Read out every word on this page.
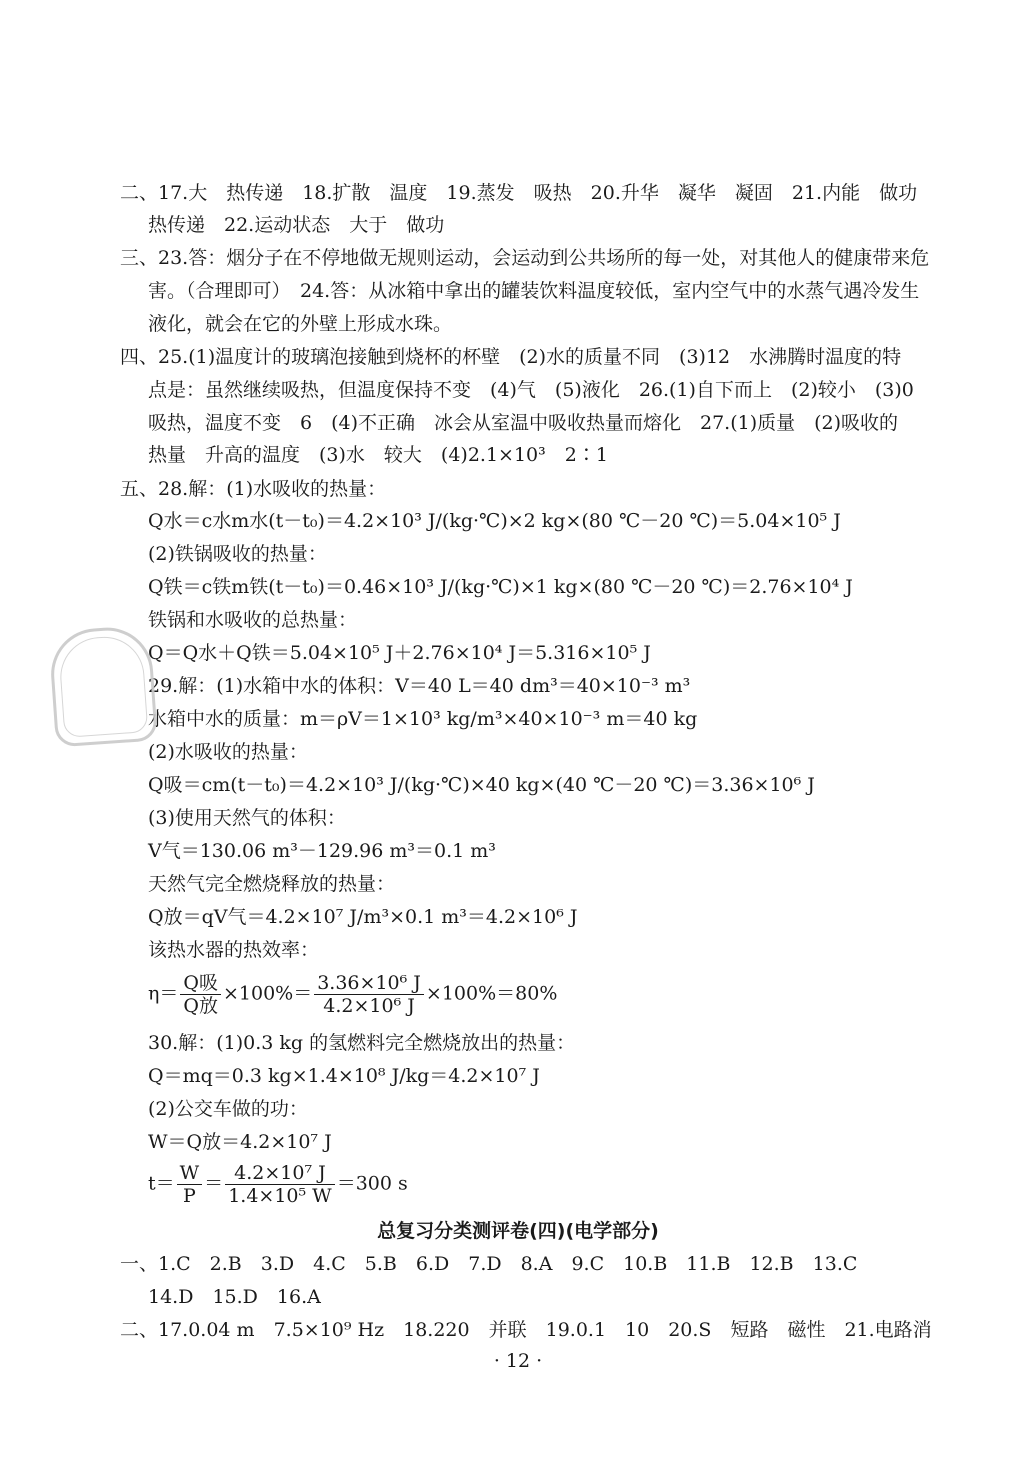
二、17.大　热传递　18.扩散　温度　19.蒸发　吸热　20.升华　凝华　凝固　21.内能　做功
热传递　22.运动状态　大于　做功
三、23.答：烟分子在不停地做无规则运动，会运动到公共场所的每一处，对其他人的健康带来危
害。（合理即可）　24.答：从冰箱中拿出的罐装饮料温度较低，室内空气中的水蒸气遇冷发生
液化，就会在它的外壁上形成水珠。
四、25.(1)温度计的玻璃泡接触到烧杯的杯壁　(2)水的质量不同　(3)12　水沸腾时温度的特
点是：虽然继续吸热，但温度保持不变　(4)气　(5)液化　26.(1)自下而上　(2)较小　(3)0
吸热，温度不变　6　(4)不正确　冰会从室温中吸收热量而熔化　27.(1)质量　(2)吸收的
热量　升高的温度　(3)水　较大　(4)2.1×10³　2∶1
五、28.解：(1)水吸收的热量：
Q水＝c水m水(t－t₀)＝4.2×10³ J/(kg·℃)×2 kg×(80 ℃－20 ℃)＝5.04×10⁵ J
(2)铁锅吸收的热量：
Q铁＝c铁m铁(t－t₀)＝0.46×10³ J/(kg·℃)×1 kg×(80 ℃－20 ℃)＝2.76×10⁴ J
铁锅和水吸收的总热量：
Q＝Q水＋Q铁＝5.04×10⁵ J＋2.76×10⁴ J＝5.316×10⁵ J
29.解：(1)水箱中水的体积：V＝40 L＝40 dm³＝40×10⁻³ m³
水箱中水的质量：m＝ρV＝1×10³ kg/m³×40×10⁻³ m＝40 kg
(2)水吸收的热量：
Q吸＝cm(t－t₀)＝4.2×10³ J/(kg·℃)×40 kg×(40 ℃－20 ℃)＝3.36×10⁶ J
(3)使用天然气的体积：
V气＝130.06 m³－129.96 m³＝0.1 m³
天然气完全燃烧释放的热量：
Q放＝qV气＝4.2×10⁷ J/m³×0.1 m³＝4.2×10⁶ J
该热水器的热效率：
$\eta= \frac{\text{Q吸}}{\text{Q放}} \times 100\%= \frac{\text{3.36×10⁶ J}}{\text{4.2×10⁶ J}} \times 100\%=80\%$
30.解：(1)0.3 kg 的氢燃料完全燃烧放出的热量：
Q＝mq＝0.3 kg×1.4×10⁸ J/kg＝4.2×10⁷ J
(2)公交车做的功：
W＝Q放＝4.2×10⁷ J
$t= \frac{W}{P} = \frac{\text{4.2×10⁷ J}}{\text{1.4×10⁵ W}} =300$ s
总复习分类测评卷(四)(电学部分)
一、1.C　2.B　3.D　4.C　5.B　6.D　7.D　8.A　9.C　10.B　11.B　12.B　13.C
14.D　15.D　16.A
二、17.0.04 m　7.5×10⁹ Hz　18.220　并联　19.0.1　10　20.S　短路　磁性　21.电路消
· 12 ·
